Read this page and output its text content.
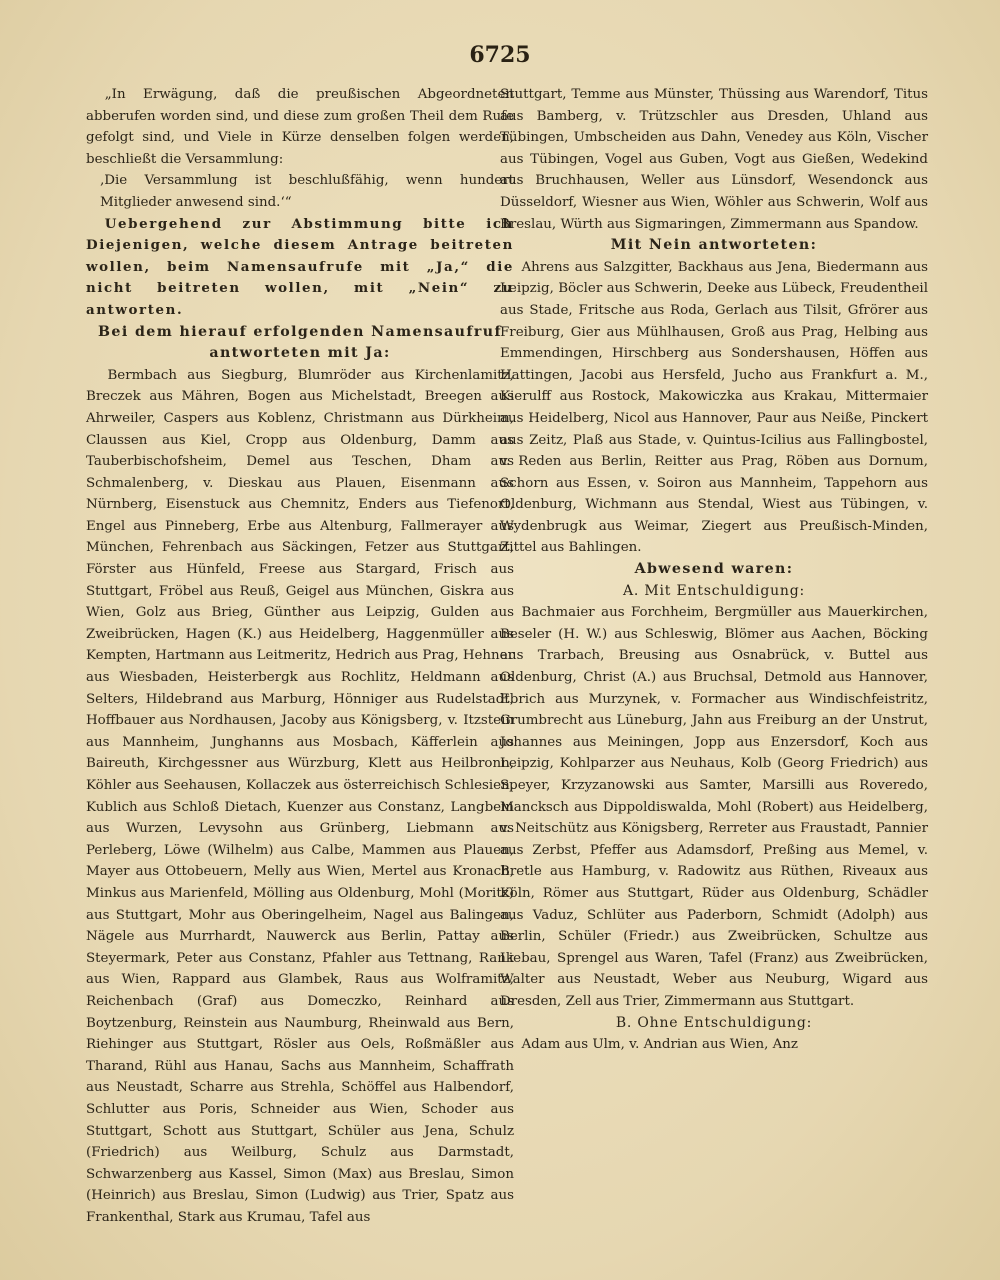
6725

„In Erwägung, daß die preußischen Abgeordneten abberufen worden sind, und diese zum großen Theil dem Rufe gefolgt sind, und Viele in Kürze denselben folgen werden, beschließt die Versammlung:

‚Die Versammlung ist beschlußfähig, wenn hundert Mitglieder anwesend sind.‘“

Uebergehend zur Abstimmung bitte ich Diejenigen, welche diesem Antrage beitreten wollen, beim Namensaufrufe mit „Ja,“ die nicht beitreten wollen, mit „Nein“ zu antworten.

Bei dem hierauf erfolgenden Namensaufruf antworteten mit Ja:

Bermbach aus Siegburg, Blumröder aus Kirchenlamitz, Breczek aus Mähren, Bogen aus Michelstadt, Breegen aus Ahrweiler, Caspers aus Koblenz, Christmann aus Dürkheim, Claussen aus Kiel, Cropp aus Oldenburg, Damm aus Tauberbischofsheim, Demel aus Teschen, Dham aus Schmalenberg, v. Dieskau aus Plauen, Eisenmann aus Nürnberg, Eisenstuck aus Chemnitz, Enders aus Tiefenort, Engel aus Pinneberg, Erbe aus Altenburg, Fallmerayer aus München, Fehrenbach aus Säckingen, Fetzer aus Stuttgart, Förster aus Hünfeld, Freese aus Stargard, Frisch aus Stuttgart, Fröbel aus Reuß, Geigel aus München, Giskra aus Wien, Golz aus Brieg, Günther aus Leipzig, Gulden aus Zweibrücken, Hagen (K.) aus Heidelberg, Haggenmüller aus Kempten, Hartmann aus Leitmeritz, Hedrich aus Prag, Hehner aus Wiesbaden, Heisterbergk aus Rochlitz, Heldmann aus Selters, Hildebrand aus Marburg, Hönniger aus Rudelstadt, Hoffbauer aus Nordhausen, Jacoby aus Königsberg, v. Itzstein aus Mannheim, Junghanns aus Mosbach, Käfferlein aus Baireuth, Kirchgessner aus Würzburg, Klett aus Heilbronn, Köhler aus Seehausen, Kollaczek aus österreichisch Schlesien, Kublich aus Schloß Dietach, Kuenzer aus Constanz, Langbein aus Wurzen, Levysohn aus Grünberg, Liebmann aus Perleberg, Löwe (Wilhelm) aus Calbe, Mammen aus Plauen, Mayer aus Ottobeuern, Melly aus Wien, Mertel aus Kronach, Minkus aus Marienfeld, Mölling aus Oldenburg, Mohl (Moritz) aus Stuttgart, Mohr aus Oberingelheim, Nagel aus Balingen, Nägele aus Murrhardt, Nauwerck aus Berlin, Pattay aus Steyermark, Peter aus Constanz, Pfahler aus Tettnang, Rank aus Wien, Rappard aus Glambek, Raus aus Wolframitz, Reichenbach (Graf) aus Domeczko, Reinhard aus Boytzenburg, Reinstein aus Naumburg, Rheinwald aus Bern, Riehinger aus Stuttgart, Rösler aus Oels, Roßmäßler aus Tharand, Rühl aus Hanau, Sachs aus Mannheim, Schaffrath aus Neustadt, Scharre aus Strehla, Schöffel aus Halbendorf, Schlutter aus Poris, Schneider aus Wien, Schoder aus Stuttgart, Schott aus Stuttgart, Schüler aus Jena, Schulz (Friedrich) aus Weilburg, Schulz aus Darmstadt, Schwarzenberg aus Kassel, Simon (Max) aus Breslau, Simon (Heinrich) aus Breslau, Simon (Ludwig) aus Trier, Spatz aus Frankenthal, Stark aus Krumau, Tafel aus

Stuttgart, Temme aus Münster, Thüssing aus Warendorf, Titus aus Bamberg, v. Trützschler aus Dresden, Uhland aus Tübingen, Umbscheiden aus Dahn, Venedey aus Köln, Vischer aus Tübingen, Vogel aus Guben, Vogt aus Gießen, Wedekind aus Bruchhausen, Weller aus Lünsdorf, Wesendonck aus Düsseldorf, Wiesner aus Wien, Wöhler aus Schwerin, Wolf aus Breslau, Würth aus Sigmaringen, Zimmermann aus Spandow.

Mit Nein antworteten:

Ahrens aus Salzgitter, Backhaus aus Jena, Biedermann aus Leipzig, Böcler aus Schwerin, Deeke aus Lübeck, Freudentheil aus Stade, Fritsche aus Roda, Gerlach aus Tilsit, Gfrörer aus Freiburg, Gier aus Mühlhausen, Groß aus Prag, Helbing aus Emmendingen, Hirschberg aus Sondershausen, Höffen aus Hattingen, Jacobi aus Hersfeld, Jucho aus Frankfurt a. M., Kierulff aus Rostock, Makowiczka aus Krakau, Mittermaier aus Heidelberg, Nicol aus Hannover, Paur aus Neiße, Pinckert aus Zeitz, Plaß aus Stade, v. Quintus-Icilius aus Fallingbostel, v. Reden aus Berlin, Reitter aus Prag, Röben aus Dornum, Schorn aus Essen, v. Soiron aus Mannheim, Tappehorn aus Oldenburg, Wichmann aus Stendal, Wiest aus Tübingen, v. Wydenbrugk aus Weimar, Ziegert aus Preußisch-Minden, Zittel aus Bahlingen.

Abwesend waren:

A. Mit Entschuldigung:

Bachmaier aus Forchheim, Bergmüller aus Mauerkirchen, Beseler (H. W.) aus Schleswig, Blömer aus Aachen, Böcking aus Trarbach, Breusing aus Osnabrück, v. Buttel aus Oldenburg, Christ (A.) aus Bruchsal, Detmold aus Hannover, Ebrich aus Murzynek, v. Formacher aus Windischfeistritz, Grumbrecht aus Lüneburg, Jahn aus Freiburg an der Unstrut, Johannes aus Meiningen, Jopp aus Enzersdorf, Koch aus Leipzig, Kohlparzer aus Neuhaus, Kolb (Georg Friedrich) aus Speyer, Krzyzanowski aus Samter, Marsilli aus Roveredo, Mancksch aus Dippoldiswalda, Mohl (Robert) aus Heidelberg, v. Neitschütz aus Königsberg, Rerreter aus Fraustadt, Pannier aus Zerbst, Pfeffer aus Adamsdorf, Preßing aus Memel, v. Bretle aus Hamburg, v. Radowitz aus Rüthen, Riveaux aus Köln, Römer aus Stuttgart, Rüder aus Oldenburg, Schädler aus Vaduz, Schlüter aus Paderborn, Schmidt (Adolph) aus Berlin, Schüler (Friedr.) aus Zweibrücken, Schultze aus Liebau, Sprengel aus Waren, Tafel (Franz) aus Zweibrücken, Walter aus Neustadt, Weber aus Neuburg, Wigard aus Dresden, Zell aus Trier, Zimmermann aus Stuttgart.

B. Ohne Entschuldigung:

Adam aus Ulm, v. Andrian aus Wien, Anz
